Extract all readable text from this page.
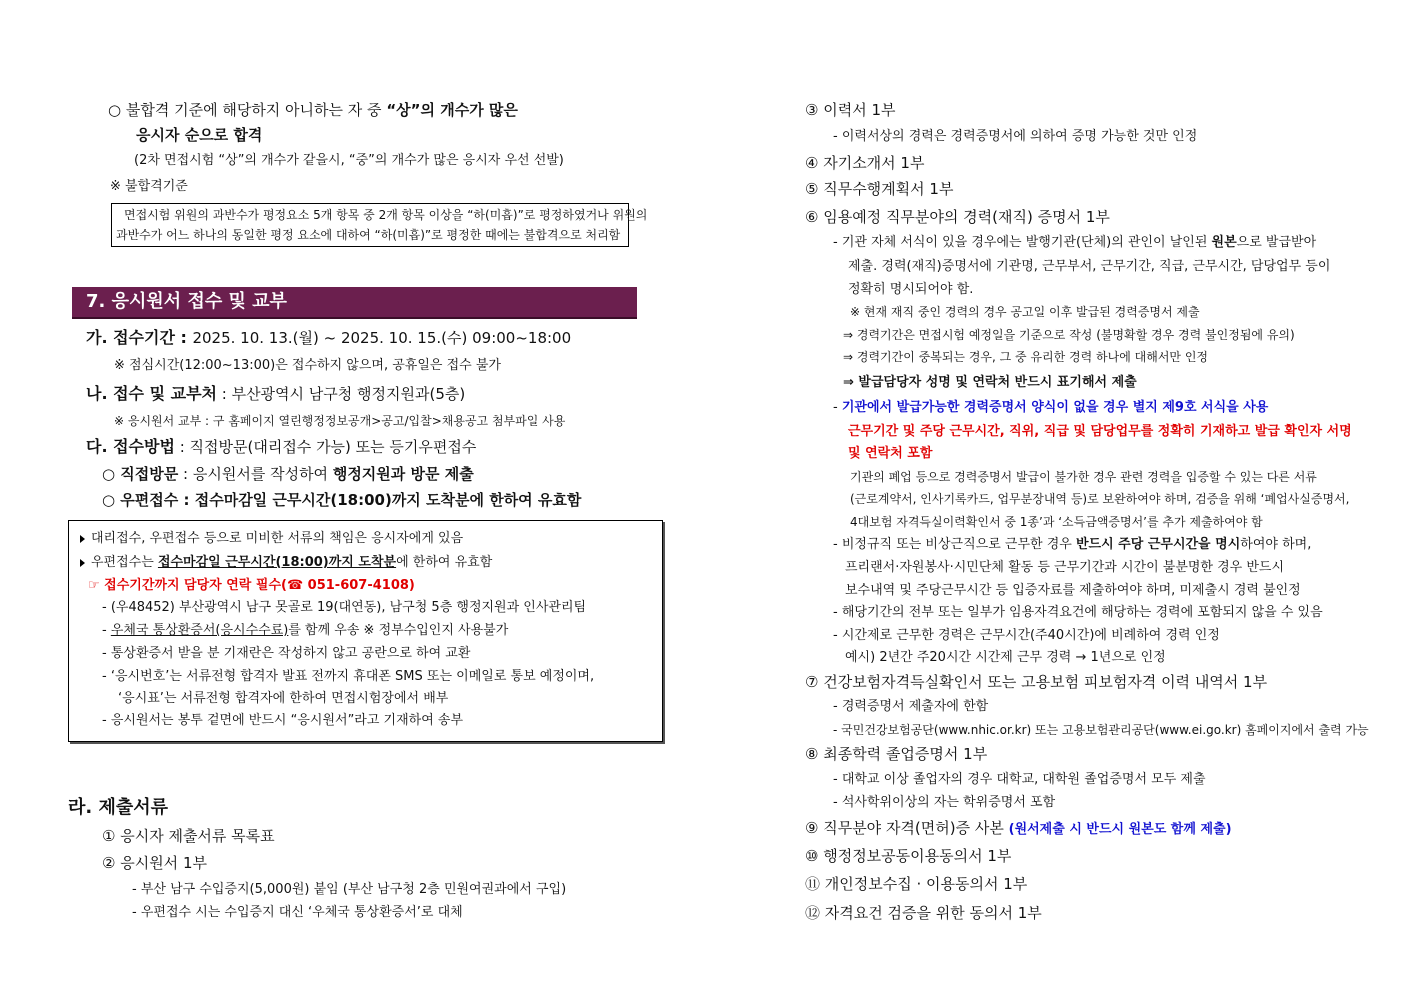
○ 불합격 기준에 해당하지 아니하는 자 중 “상”의 개수가 많은
응시자 순으로 합격
(2차 면접시험 “상”의 개수가 같을시, “중”의 개수가 많은 응시자 우선 선발)
※ 불합격기준
면접시험 위원의 과반수가 평정요소 5개 항목 중 2개 항목 이상을 “하(미흡)”로 평정하였거나 위원의
과반수가 어느 하나의 동일한 평정 요소에 대하여 “하(미흡)”로 평정한 때에는 불합격으로 처리함
7. 응시원서 접수 및 교부
가. 접수기간 : 2025. 10. 13.(월) ~ 2025. 10. 15.(수) 09:00~18:00
※ 점심시간(12:00~13:00)은 접수하지 않으며, 공휴일은 접수 불가
나. 접수 및 교부처 : 부산광역시 남구청 행정지원과(5층)
※ 응시원서 교부 : 구 홈페이지 열린행정정보공개>공고/입찰>채용공고 첨부파일 사용
다. 접수방법 : 직접방문(대리접수 가능) 또는 등기우편접수
○ 직접방문 : 응시원서를 작성하여 행정지원과 방문 제출
○ 우편접수 : 접수마감일 근무시간(18:00)까지 도착분에 한하여 유효함
대리접수, 우편접수 등으로 미비한 서류의 책임은 응시자에게 있음
우편접수는 접수마감일 근무시간(18:00)까지 도착분에 한하여 유효함
☞ 접수기간까지 담당자 연락 필수(☎ 051-607-4108)
- (우48452) 부산광역시 남구 못골로 19(대연동), 남구청 5층 행정지원과 인사관리팀
- 우체국 통상환증서(응시수수료)를 함께 우송 ※ 정부수입인지 사용불가
- 통상환증서 받을 분 기재란은 작성하지 않고 공란으로 하여 교환
- ‘응시번호’는 서류전형 합격자 발표 전까지 휴대폰 SMS 또는 이메일로 통보 예정이며,
‘응시표’는 서류전형 합격자에 한하여 면접시험장에서 배부
- 응시원서는 봉투 겉면에 반드시 “응시원서”라고 기재하여 송부
라. 제출서류
① 응시자 제출서류 목록표
② 응시원서 1부
- 부산 남구 수입증지(5,000원) 붙임 (부산 남구청 2층 민원여권과에서 구입)
- 우편접수 시는 수입증지 대신 ‘우체국 통상환증서’로 대체
③ 이력서 1부
- 이력서상의 경력은 경력증명서에 의하여 증명 가능한 것만 인정
④ 자기소개서 1부
⑤ 직무수행계획서 1부
⑥ 임용예정 직무분야의 경력(재직) 증명서 1부
- 기관 자체 서식이 있을 경우에는 발행기관(단체)의 관인이 날인된 원본으로 발급받아
제출. 경력(재직)증명서에 기관명, 근무부서, 근무기간, 직급, 근무시간, 담당업무 등이
정확히 명시되어야 함.
※ 현재 재직 중인 경력의 경우 공고일 이후 발급된 경력증명서 제출
⇒ 경력기간은 면접시험 예정일을 기준으로 작성 (불명확할 경우 경력 불인정됨에 유의)
⇒ 경력기간이 중복되는 경우, 그 중 유리한 경력 하나에 대해서만 인정
⇒ 발급담당자 성명 및 연락처 반드시 표기해서 제출
- 기관에서 발급가능한 경력증명서 양식이 없을 경우 별지 제9호 서식을 사용
근무기간 및 주당 근무시간, 직위, 직급 및 담당업무를 정확히 기재하고 발급 확인자 서명
및 연락처 포함
기관의 폐업 등으로 경력증명서 발급이 불가한 경우 관련 경력을 입증할 수 있는 다른 서류
(근로계약서, 인사기록카드, 업무분장내역 등)로 보완하여야 하며, 검증을 위해 ‘폐업사실증명서,
4대보험 자격득실이력확인서 중 1종’과 ‘소득금액증명서’를 추가 제출하여야 함
- 비정규직 또는 비상근직으로 근무한 경우 반드시 주당 근무시간을 명시하여야 하며,
프리랜서·자원봉사·시민단체 활동 등 근무기간과 시간이 불분명한 경우 반드시
보수내역 및 주당근무시간 등 입증자료를 제출하여야 하며, 미제출시 경력 불인정
- 해당기간의 전부 또는 일부가 임용자격요건에 해당하는 경력에 포함되지 않을 수 있음
- 시간제로 근무한 경력은 근무시간(주40시간)에 비례하여 경력 인정
예시) 2년간 주20시간 시간제 근무 경력 → 1년으로 인정
⑦ 건강보험자격득실확인서 또는 고용보험 피보험자격 이력 내역서 1부
- 경력증명서 제출자에 한함
- 국민건강보험공단(www.nhic.or.kr) 또는 고용보험관리공단(www.ei.go.kr) 홈페이지에서 출력 가능
⑧ 최종학력 졸업증명서 1부
- 대학교 이상 졸업자의 경우 대학교, 대학원 졸업증명서 모두 제출
- 석사학위이상의 자는 학위증명서 포함
⑨ 직무분야 자격(면허)증 사본 (원서제출 시 반드시 원본도 함께 제출)
⑩ 행정정보공동이용동의서 1부
⑪ 개인정보수집 · 이용동의서 1부
⑫ 자격요건 검증을 위한 동의서 1부
